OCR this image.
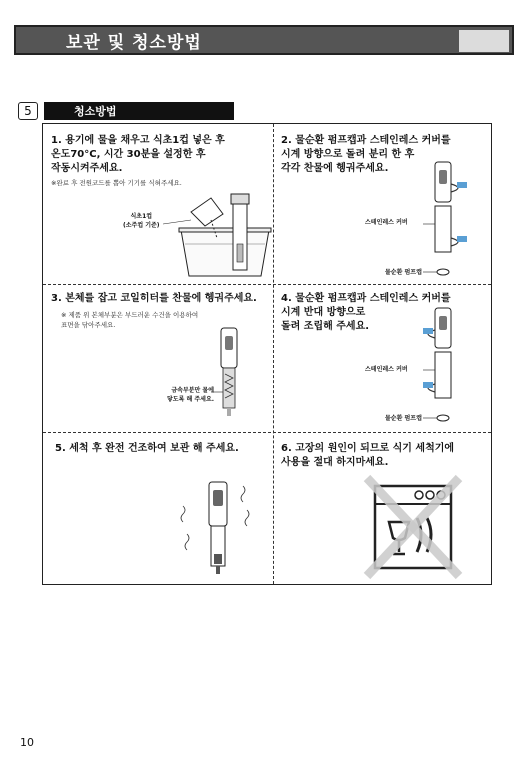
보관 및 청소방법
5	청소방법
1. 용기에 물을 채우고 식초1컵 넣은 후
온도70°C, 시간 30분을 설정한 후
작동시켜주세요.
※완료 후 전원코드를 뽑아 기기를 식혀주세요.
식초1컵
(소주컵 기준)
2. 물순환 펌프캡과 스테인레스 커버를
시계 방향으로 돌려 분리 한 후
각각 찬물에 헹궈주세요.
스테인레스 커버
물순환 펌프캡
3. 본체를 잡고 코일히터를 찬물에 헹궈주세요.
※ 제품 위 본체부분은 부드러운 수건을 이용하여
표면을 닦아주세요.
금속부분만 물에
닿도록 해 주세요.
4. 물순환 펌프캡과 스테인레스 커버를
시계 반대 방향으로
돌려 조립해 주세요.
스테인레스 커버
물순환 펌프캡
5. 세척 후 완전 건조하여 보관 해 주세요.	6. 고장의 원인이 되므로 식기 세척기에
사용을 절대 하지마세요.
10
